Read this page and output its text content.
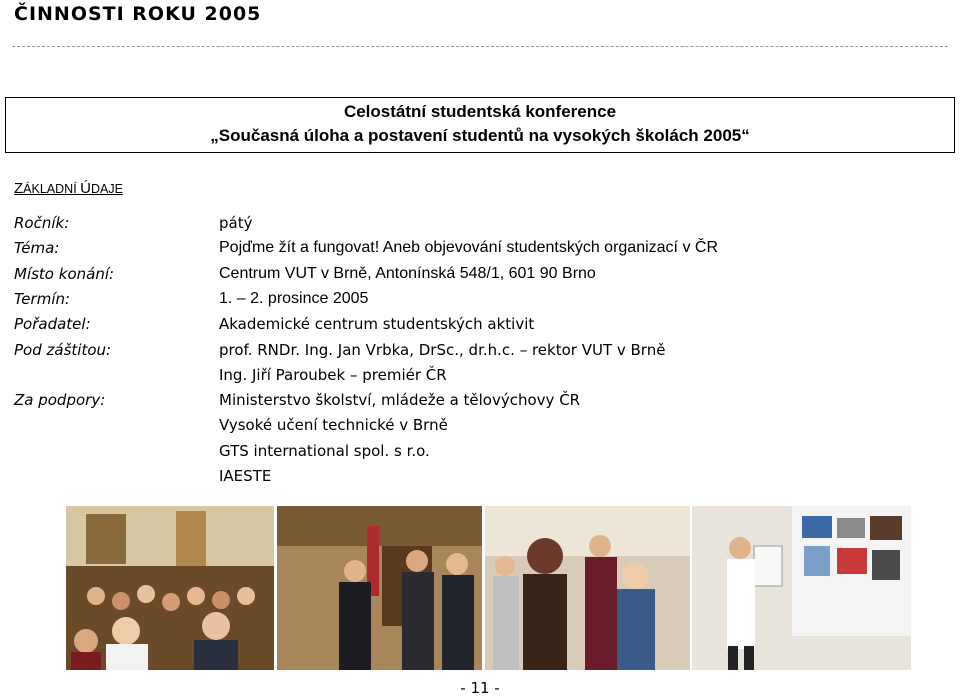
ČINNOSTI ROKU 2005
Celostátní studentská konference
„Současná úloha a postavení studentů na vysokých školách 2005“
ZÁKLADNÍ ÚDAJE
Ročník:	pátý
Téma:	Pojďme žít a fungovat! Aneb objevování studentských organizací v ČR
Místo konání:	Centrum VUT v Brně, Antonínská 548/1, 601 90 Brno
Termín:	1. – 2. prosince 2005
Pořadatel:	Akademické centrum studentských aktivit
Pod záštitou:	prof. RNDr. Ing. Jan Vrbka, DrSc., dr.h.c. – rektor VUT v Brně
Ing. Jiří Paroubek – premiér ČR
Za podpory:	Ministerstvo školství, mládeže a tělovýchovy ČR
Vysoké učení technické v Brně
GTS international spol. s r.o.
IAESTE
- 11 -
